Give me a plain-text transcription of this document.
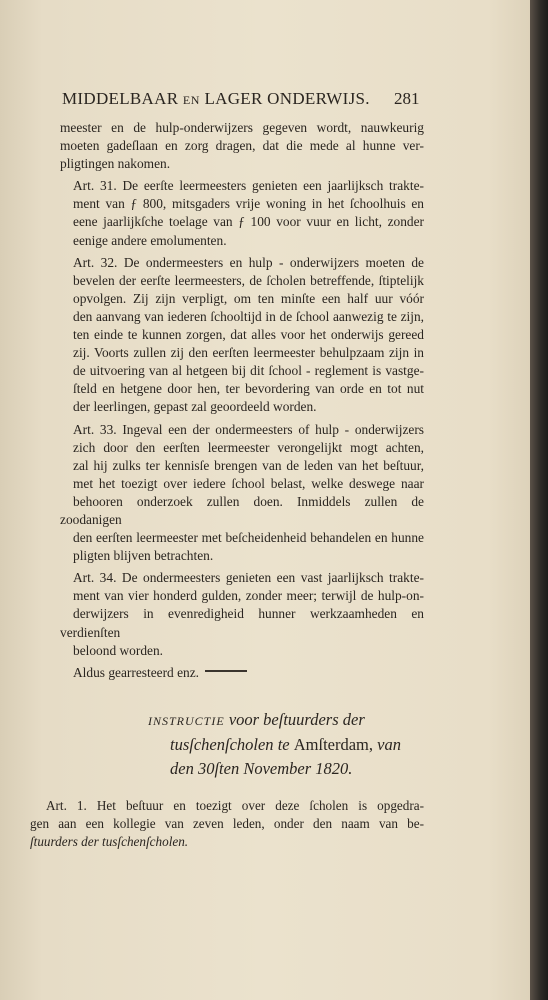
MIDDELBAAR EN LAGER ONDERWIJS.	281
meester en de hulp-onderwijzers gegeven wordt, nauwkeurig
moeten gadeſlaan en zorg dragen, dat die mede al hunne ver-
pligtingen nakomen.
Art. 31. De eerſte leermeesters genieten een jaarlijksch trakte-
ment van ƒ 800, mitsgaders vrije woning in het ſchoolhuis en
eene jaarlijkſche toelage van ƒ 100 voor vuur en licht, zonder
eenige andere emolumenten.
Art. 32. De ondermeesters en hulp - onderwijzers moeten de
bevelen der eerſte leermeesters, de ſcholen betreffende, ſtiptelijk
opvolgen. Zij zijn verpligt, om ten minſte een half uur vóór
den aanvang van iederen ſchooltijd in de ſchool aanwezig te zijn,
ten einde te kunnen zorgen, dat alles voor het onderwijs gereed
zij. Voorts zullen zij den eerſten leermeester behulpzaam zijn in
de uitvoering van al hetgeen bij dit ſchool - reglement is vastge-
ſteld en hetgene door hen, ter bevordering van orde en tot nut
der leerlingen, gepast zal geoordeeld worden.
Art. 33. Ingeval een der ondermeesters of hulp - onderwijzers
zich door den eerſten leermeester verongelijkt mogt achten,
zal hij zulks ter kennisſe brengen van de leden van het beſtuur,
met het toezigt over iedere ſchool belast, welke deswege naar
behooren onderzoek zullen doen. Inmiddels zullen de zoodanigen
den eerſten leermeester met beſcheidenheid behandelen en hunne
pligten blijven betrachten.
Art. 34. De ondermeesters genieten een vast jaarlijksch trakte-
ment van vier honderd gulden, zonder meer; terwijl de hulp-on-
derwijzers in evenredigheid hunner werkzaamheden en verdienſten
beloond worden.
Aldus gearresteerd enz.
INSTRUCTIE voor beſtuurders der
tusſchenſcholen te Amſterdam, van
den 30ſten November 1820.
Art. 1. Het beſtuur en toezigt over deze ſcholen is opgedra-
gen aan een kollegie van zeven leden, onder den naam van be-
ſtuurders der tusſchenſcholen.
